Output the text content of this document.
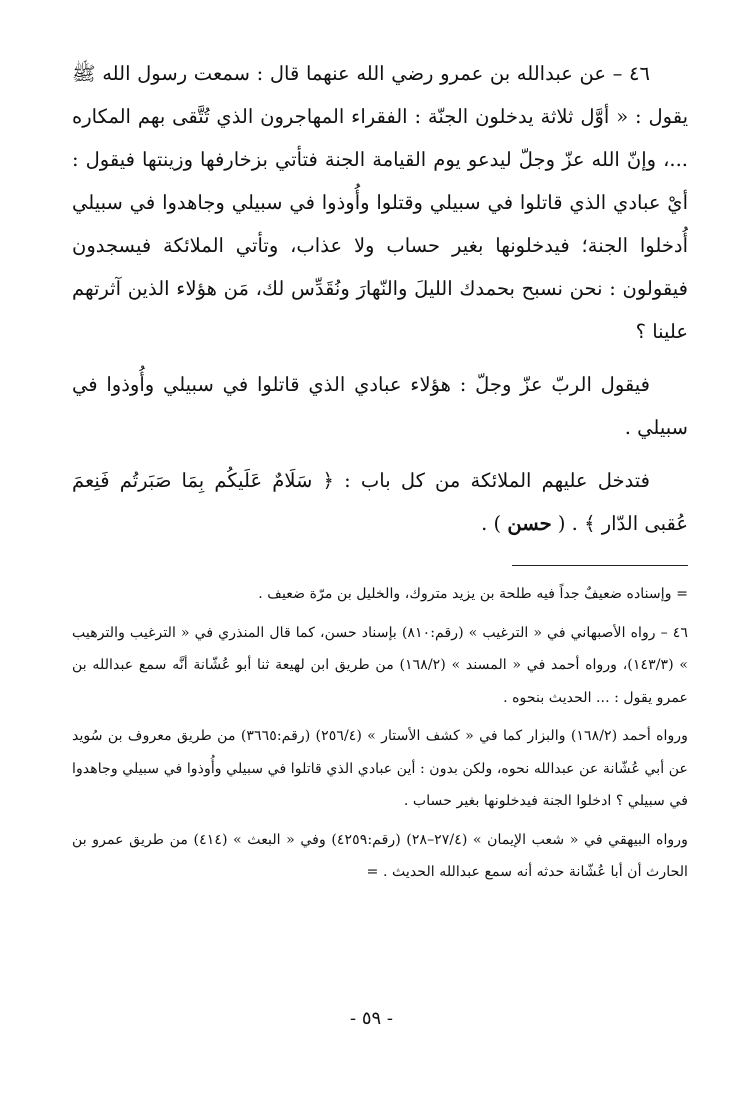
٤٦ – عن عبدالله بن عمرو رضي الله عنهما قال : سمعت رسول الله ﷺ يقول : « أوَّل ثلاثة يدخلون الجنّة : الفقراء المهاجرون الذي تُتَّقى بهم المكاره ...، وإنّ الله عزّ وجلّ ليدعو يوم القيامة الجنة فتأتي بزخارفها وزينتها فيقول : أيْ عبادي الذي قاتلوا في سبيلي وقتلوا وأُوذوا في سبيلي وجاهدوا في سبيلي أُدخلوا الجنة؛ فيدخلونها بغير حساب ولا عذاب، وتأتي الملائكة فيسجدون فيقولون : نحن نسبح بحمدك الليلَ والنّهارَ ونُقَدِّس لك، مَن هؤلاء الذين آثرتهم علينا ؟

فيقول الربّ عزّ وجلّ : هؤلاء عبادي الذي قاتلوا في سبيلي وأُوذوا في سبيلي .

فتدخل عليهم الملائكة من كل باب : ﴿ سَلَامٌ عَلَيكُم بِمَا صَبَرتُم فَنِعمَ عُقبى الدّار ﴾ . ( حسن ) .

= وإسناده ضعيفٌ جداً فيه طلحة بن يزيد متروك، والخليل بن مرّة ضعيف .

٤٦ – رواه الأصبهاني في « الترغيب » (رقم:٨١٠) بإسناد حسن، كما قال المنذري في « الترغيب والترهيب » (١٤٣/٣)، ورواه أحمد في « المسند » (١٦٨/٢) من طريق ابن لهيعة ثنا أبو عُشّانة أنَّه سمع عبدالله بن عمرو يقول : ... الحديث بنحوه .

ورواه أحمد (١٦٨/٢) والبزار كما في « كشف الأستار » (٢٥٦/٤) (رقم:٣٦٦٥) من طريق معروف بن سُويد عن أبي عُشّانة عن عبدالله نحوه، ولكن بدون : أين عبادي الذي قاتلوا في سبيلي وأُوذوا في سبيلي وجاهدوا في سبيلي ؟ ادخلوا الجنة فيدخلونها بغير حساب .

ورواه البيهقي في « شعب الإيمان » (٢٧/٤–٢٨) (رقم:٤٢٥٩) وفي « البعث » (٤١٤) من طريق عمرو بن الحارث أن أبا عُشّانة حدثه أنه سمع عبدالله الحديث . =

- ٥٩ -
